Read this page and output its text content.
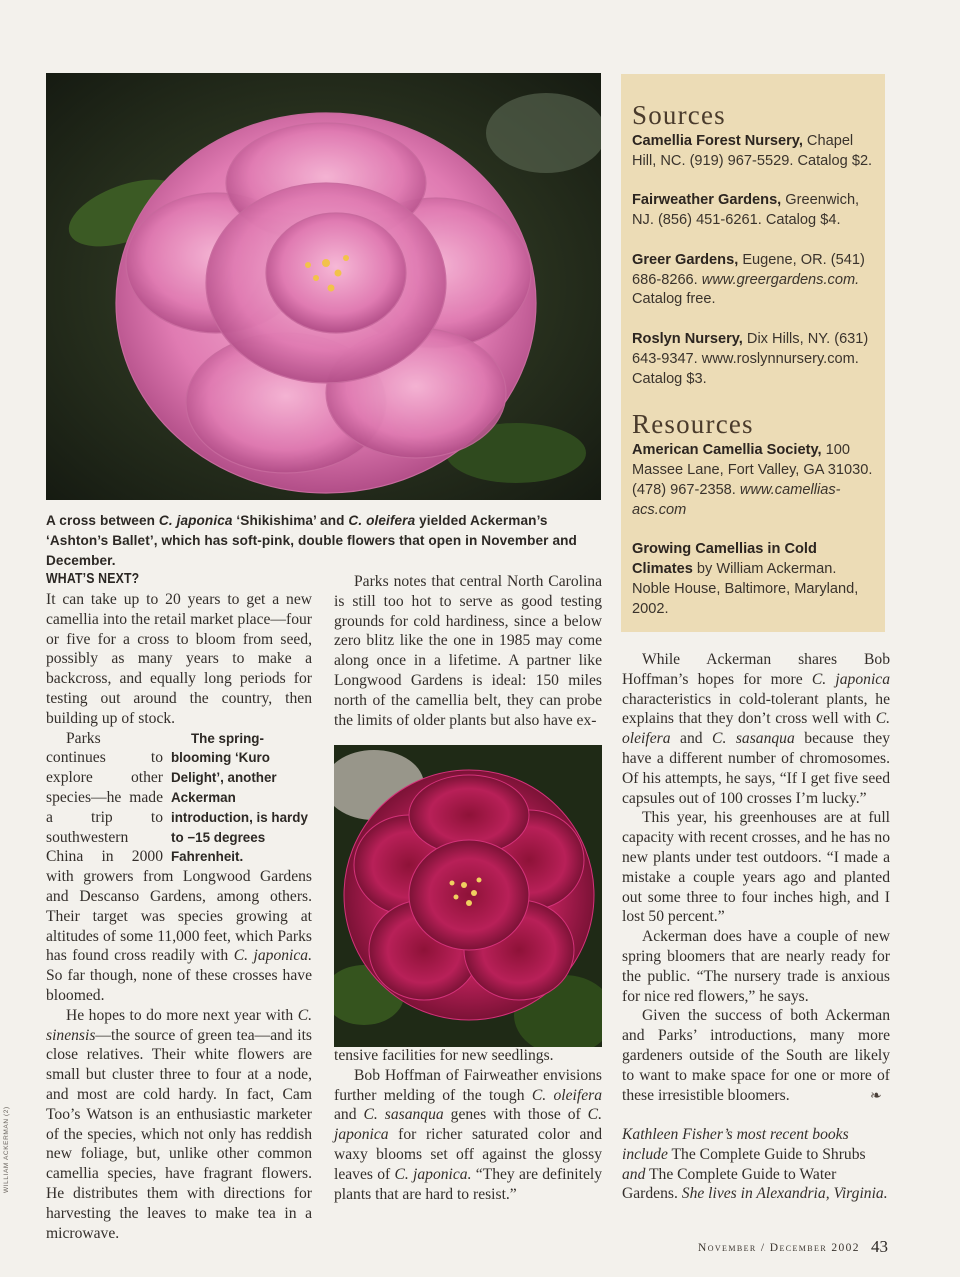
A cross between C. japonica ‘Shikishima’ and C. oleifera yielded Ackerman’s ‘Ashton’s Ballet’, which has soft-pink, double flowers that open in November and December.
Sources
Camellia Forest Nursery, Chapel Hill, NC. (919) 967-5529. Catalog $2.
Fairweather Gardens, Greenwich, NJ. (856) 451-6261. Catalog $4.
Greer Gardens, Eugene, OR. (541) 686-8266. www.greergardens.com. Catalog free.
Roslyn Nursery, Dix Hills, NY. (631) 643-9347. www.roslynnursery.com. Catalog $3.
Resources
American Camellia Society, 100 Massee Lane, Fort Valley, GA 31030. (478) 967-2358. www.camellias-acs.com
Growing Camellias in Cold Climates by William Ackerman. Noble House, Baltimore, Maryland, 2002.
WHAT’S NEXT?

It can take up to 20 years to get a new camellia into the retail market place—four or five for a cross to bloom from seed, possibly as many years to make a backcross, and equally long periods for testing out around the country, then building up of stock.

The spring-blooming ‘Kuro Delight’, another Ackerman introduction, is hardy to −15 degrees Fahrenheit.
Parks continues to explore other species—he made a trip to southwestern China in 2000 with growers from Longwood Gardens and Descanso Gardens, among others. Their target was species growing at altitudes of some 11,000 feet, which Parks has found cross readily with C. japonica. So far though, none of these crosses have bloomed.

He hopes to do more next year with C. sinensis—the source of green tea—and its close relatives. Their white flowers are small but cluster three to four at a node, and most are cold hardy. In fact, Cam Too’s Watson is an enthusiastic marketer of the species, which not only has reddish new foliage, but, unlike other common camellia species, have fragrant flowers. He distributes them with directions for harvesting the leaves to make tea in a microwave.

Parks notes that central North Carolina is still too hot to serve as good testing grounds for cold hardiness, since a below zero blitz like the one in 1985 may come along once in a lifetime. A partner like Longwood Gardens is ideal: 150 miles north of the camellia belt, they can probe the limits of older plants but also have ex-

tensive facilities for new seedlings.

Bob Hoffman of Fairweather envisions further melding of the tough C. oleifera and C. sasanqua genes with those of C. japonica for richer saturated color and waxy blooms set off against the glossy leaves of C. japonica. “They are definitely plants that are hard to resist.”

While Ackerman shares Bob Hoffman’s hopes for more C. japonica characteristics in cold-tolerant plants, he explains that they don’t cross well with C. oleifera and C. sasanqua because they have a different number of chromosomes. Of his attempts, he says, “If I get five seed capsules out of 100 crosses I’m lucky.”

This year, his greenhouses are at full capacity with recent crosses, and he has no new plants under test outdoors. “I made a mistake a couple years ago and planted out some three to four inches high, and I lost 50 percent.”

Ackerman does have a couple of new spring bloomers that are nearly ready for the public. “The nursery trade is anxious for nice red flowers,” he says.

Given the success of both Ackerman and Parks’ introductions, many more gardeners outside of the South are likely to want to make space for one or more of these irresistible bloomers.	❧
Kathleen Fisher’s most recent books include The Complete Guide to Shrubs and The Complete Guide to Water Gardens. She lives in Alexandria, Virginia.
November / December 2002 43
WILLIAM ACKERMAN (2)
